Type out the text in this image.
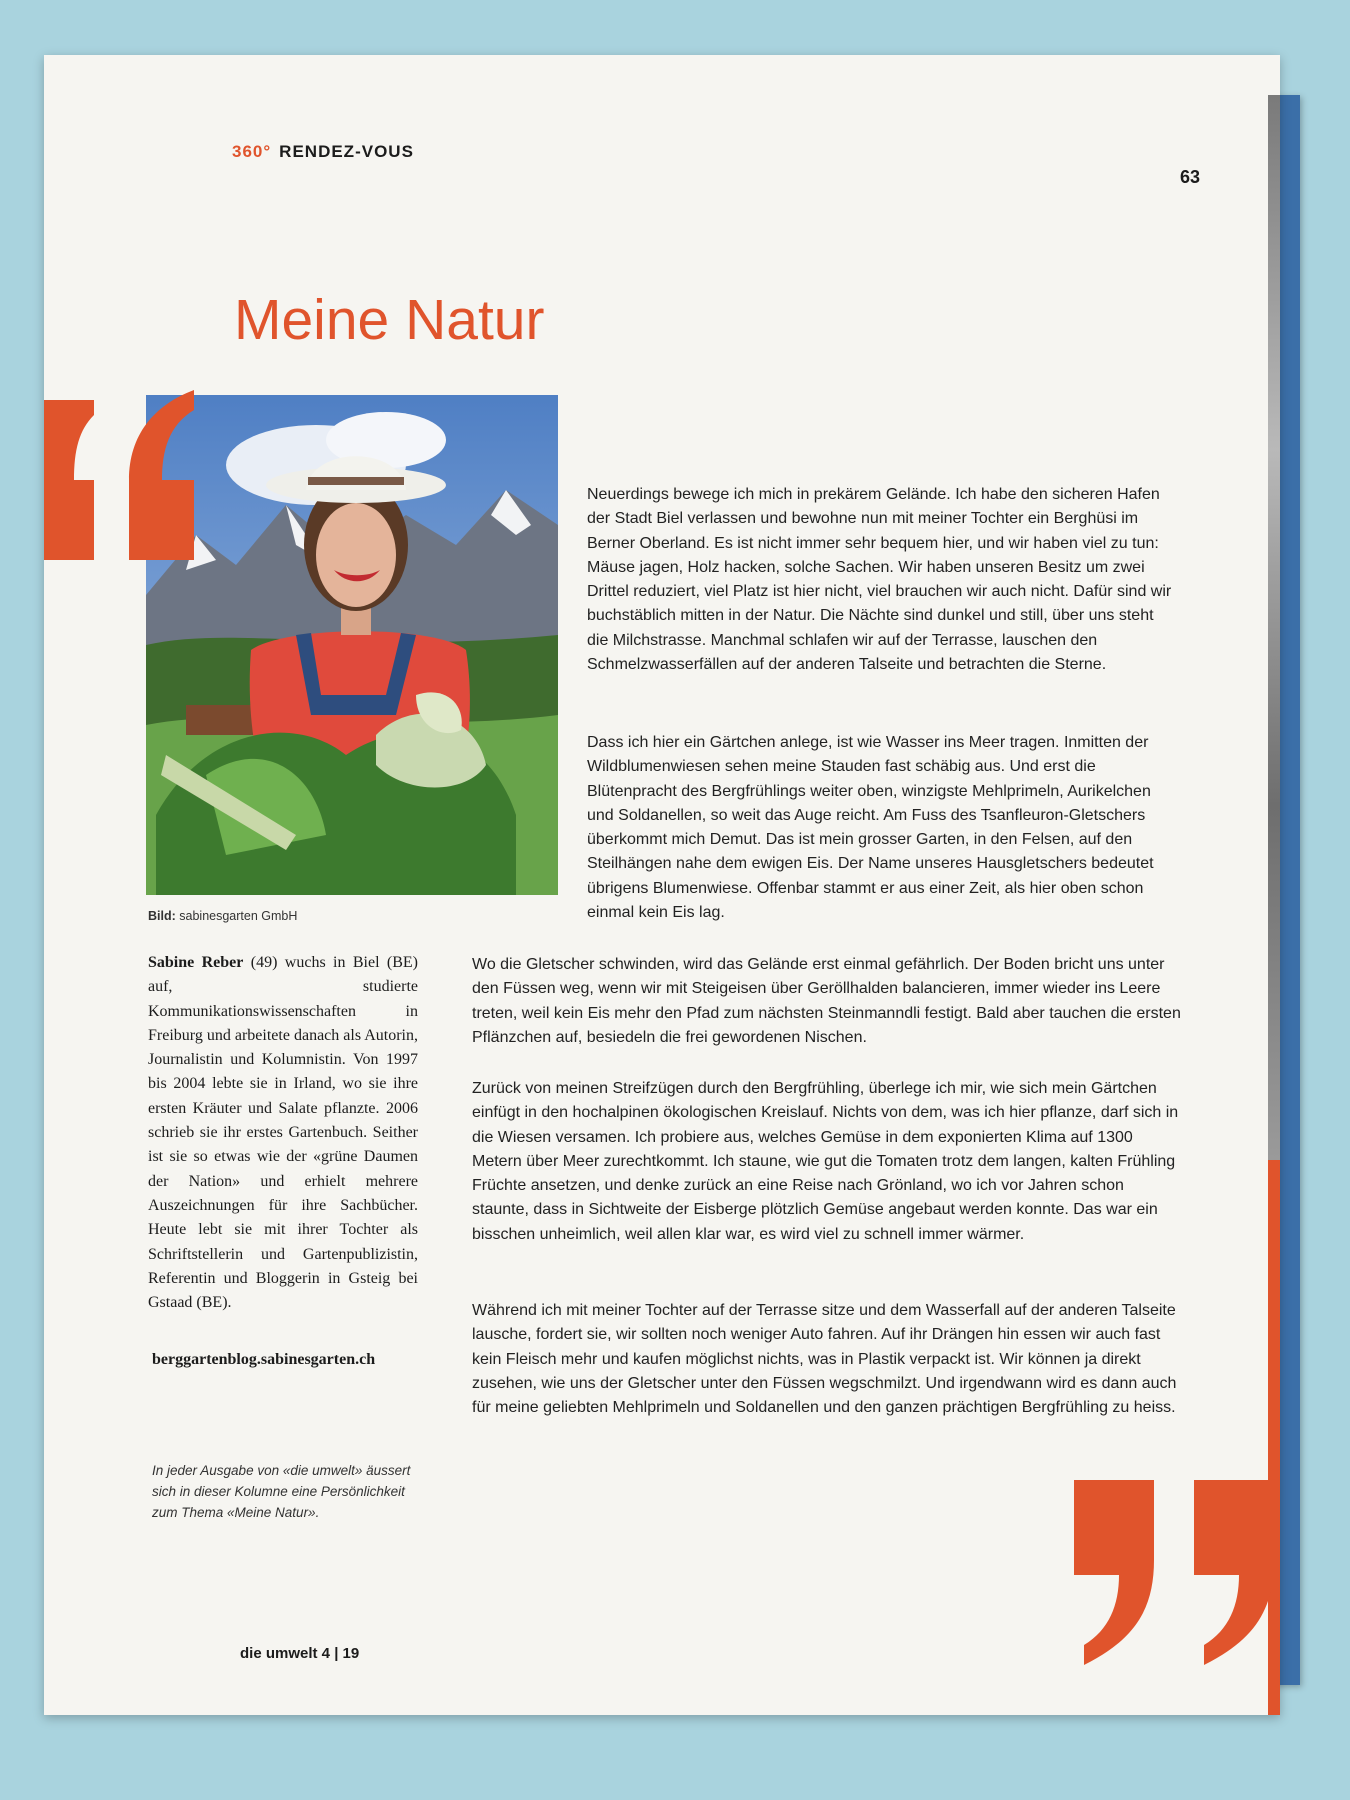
360° RENDEZ-VOUS
63
Meine Natur
Bild: sabinesgarten GmbH
Sabine Reber (49) wuchs in Biel (BE) auf, studierte Kommunikationswissenschaften in Freiburg und arbeitete danach als Autorin, Journalistin und Kolumnistin. Von 1997 bis 2004 lebte sie in Irland, wo sie ihre ersten Kräuter und Salate pflanzte. 2006 schrieb sie ihr erstes Gartenbuch. Seither ist sie so etwas wie der «grüne Daumen der Nation» und erhielt mehrere Auszeichnungen für ihre Sachbücher. Heute lebt sie mit ihrer Tochter als Schriftstellerin und Gartenpublizistin, Referentin und Bloggerin in Gsteig bei Gstaad (BE).
berggartenblog.sabinesgarten.ch
In jeder Ausgabe von «die umwelt» äussert sich in dieser Kolumne eine Persönlichkeit zum Thema «Meine Natur».

Neuerdings bewege ich mich in prekärem Gelände. Ich habe den sicheren Hafen der Stadt Biel verlassen und bewohne nun mit meiner Tochter ein Berghüsi im Berner Oberland. Es ist nicht immer sehr bequem hier, und wir haben viel zu tun: Mäuse jagen, Holz hacken, solche Sachen. Wir haben unseren Besitz um zwei Drittel reduziert, viel Platz ist hier nicht, viel brauchen wir auch nicht. Dafür sind wir buchstäblich mitten in der Natur. Die Nächte sind dunkel und still, über uns steht die Milchstrasse. Manchmal schlafen wir auf der Terrasse, lauschen den Schmelzwasserfällen auf der anderen Talseite und betrachten die Sterne.

Dass ich hier ein Gärtchen anlege, ist wie Wasser ins Meer tragen. Inmitten der Wildblumenwiesen sehen meine Stauden fast schäbig aus. Und erst die Blütenpracht des Bergfrühlings weiter oben, winzigste Mehlprimeln, Aurikelchen und Soldanellen, so weit das Auge reicht. Am Fuss des Tsanfleuron-Gletschers überkommt mich Demut. Das ist mein grosser Garten, in den Felsen, auf den Steilhängen nahe dem ewigen Eis. Der Name unseres Hausgletschers bedeutet übrigens Blumenwiese. Offenbar stammt er aus einer Zeit, als hier oben schon einmal kein Eis lag.

Wo die Gletscher schwinden, wird das Gelände erst einmal gefährlich. Der Boden bricht uns unter den Füssen weg, wenn wir mit Steigeisen über Geröllhalden balancieren, immer wieder ins Leere treten, weil kein Eis mehr den Pfad zum nächsten Steinmanndli festigt. Bald aber tauchen die ersten Pflänzchen auf, besiedeln die frei gewordenen Nischen.

Zurück von meinen Streifzügen durch den Bergfrühling, überlege ich mir, wie sich mein Gärtchen einfügt in den hochalpinen ökologischen Kreislauf. Nichts von dem, was ich hier pflanze, darf sich in die Wiesen versamen. Ich probiere aus, welches Gemüse in dem exponierten Klima auf 1300 Metern über Meer zurechtkommt. Ich staune, wie gut die Tomaten trotz dem langen, kalten Frühling Früchte ansetzen, und denke zurück an eine Reise nach Grönland, wo ich vor Jahren schon staunte, dass in Sichtweite der Eisberge plötzlich Gemüse angebaut werden konnte. Das war ein bisschen unheimlich, weil allen klar war, es wird viel zu schnell immer wärmer.

Während ich mit meiner Tochter auf der Terrasse sitze und dem Wasserfall auf der anderen Talseite lausche, fordert sie, wir sollten noch weniger Auto fahren. Auf ihr Drängen hin essen wir auch fast kein Fleisch mehr und kaufen möglichst nichts, was in Plastik verpackt ist. Wir können ja direkt zusehen, wie uns der Gletscher unter den Füssen wegschmilzt. Und irgendwann wird es dann auch für meine geliebten Mehlprimeln und Soldanellen und den ganzen prächtigen Bergfrühling zu heiss.

die umwelt 4 | 19
